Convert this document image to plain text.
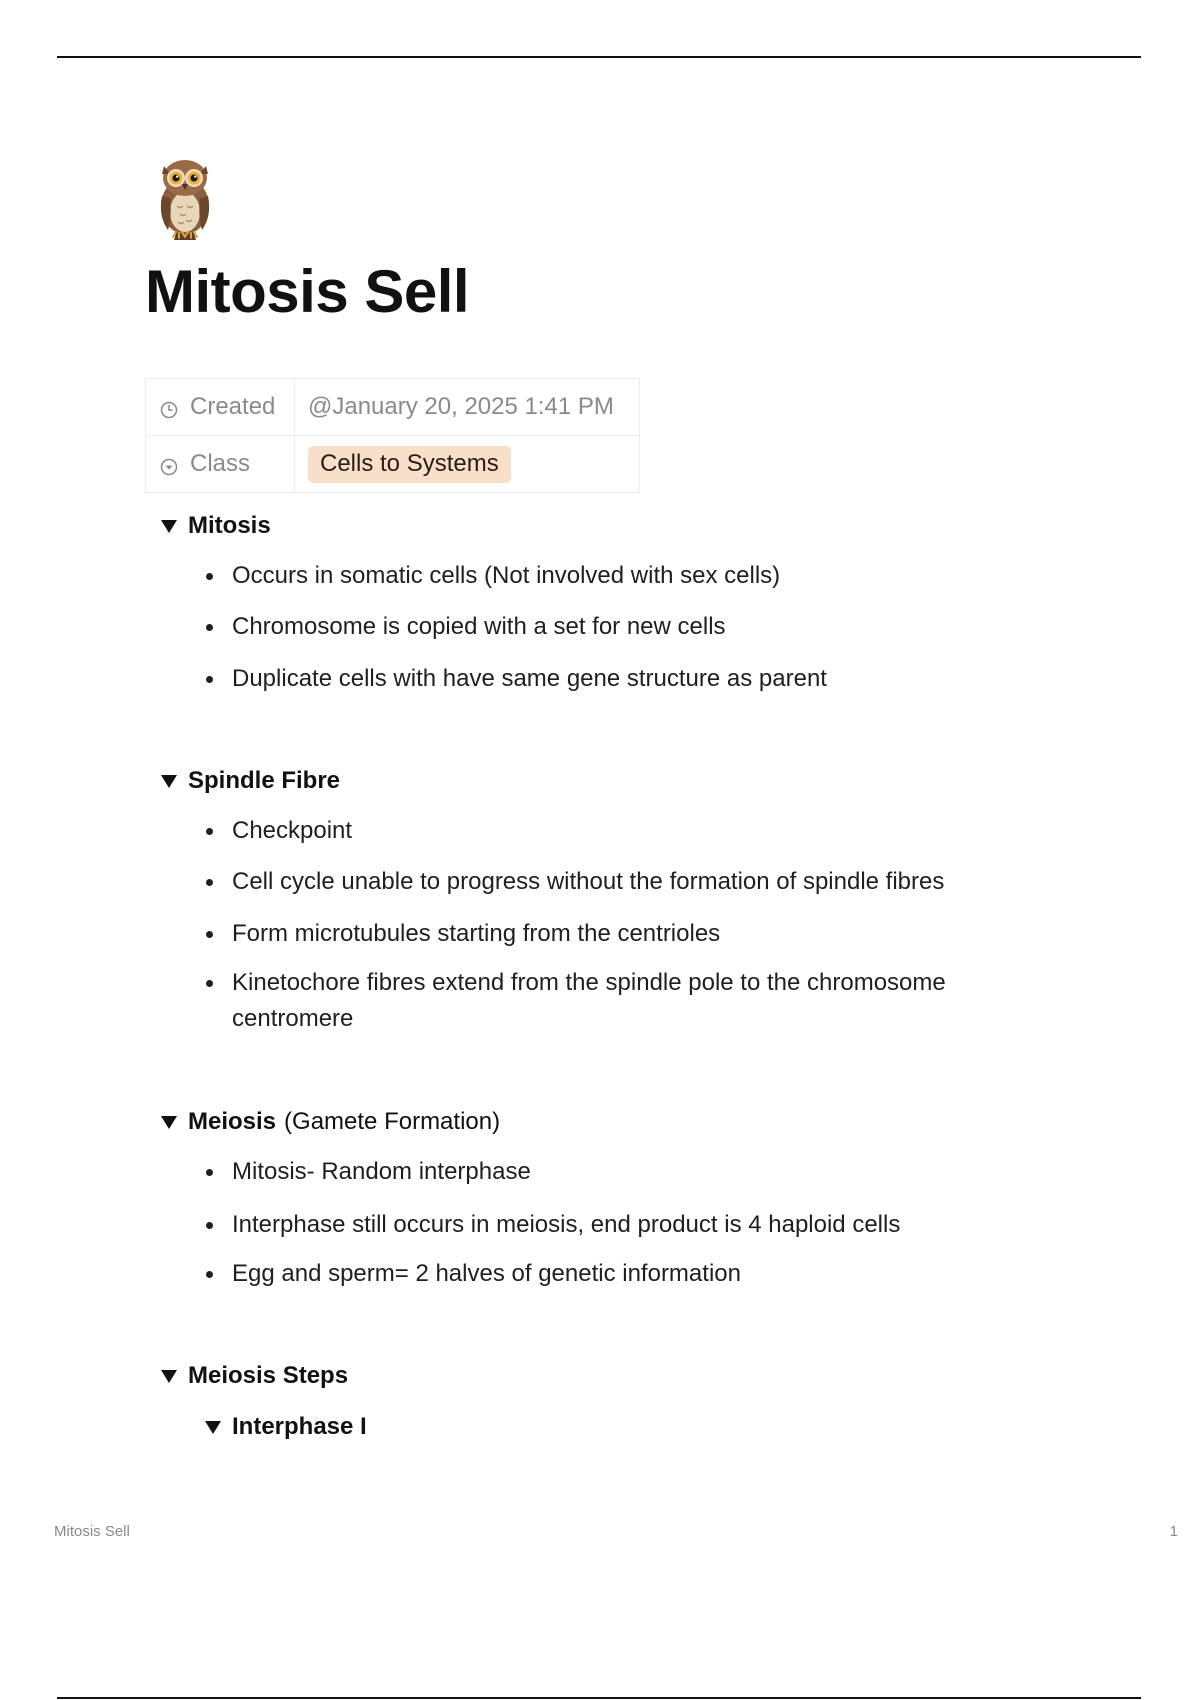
Mitosis Sell
Created	@January 20, 2025 1:41 PM

Class	Cells to Systems
Mitosis
Occurs in somatic cells (Not involved with sex cells)
Chromosome is copied with a set for new cells
Duplicate cells with have same gene structure as parent
Spindle Fibre
Checkpoint
Cell cycle unable to progress without the formation of spindle fibres
Form microtubules starting from the centrioles
Kinetochore fibres extend from the spindle pole to the chromosome centromere
Meiosis (Gamete Formation)
Mitosis- Random interphase
Interphase still occurs in meiosis, end product is 4 haploid cells
Egg and sperm= 2 halves of genetic information
Meiosis Steps
Interphase I
Mitosis Sell	1
